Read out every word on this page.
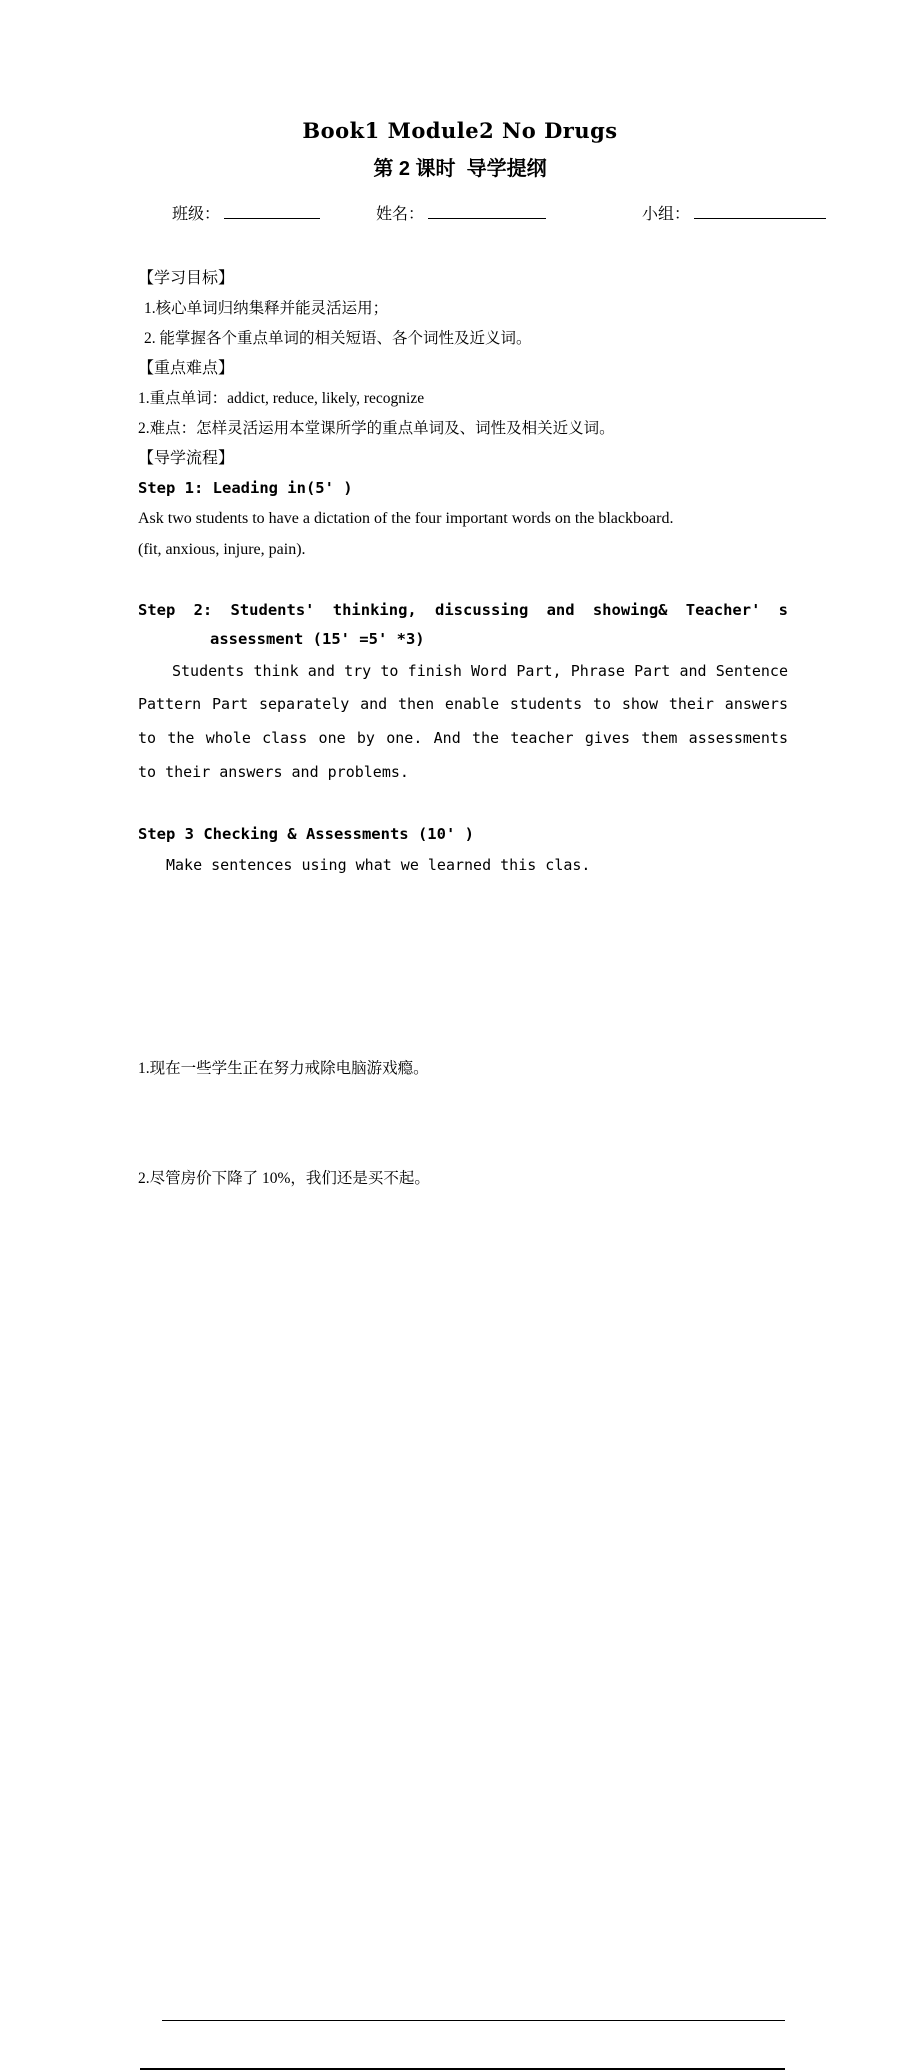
Book1 Module2 No Drugs
第 2 课时  导学提纲
班级：	姓名：	小组：

【学习目标】

1.核心单词归纳集释并能灵活运用；

2. 能掌握各个重点单词的相关短语、各个词性及近义词。

【重点难点】

1.重点单词：addict, reduce, likely, recognize

2.难点：怎样灵活运用本堂课所学的重点单词及、词性及相关近义词。

【导学流程】

Step 1: Leading in(5' )

Ask two students to have a dictation of the four important words on the blackboard.

(fit, anxious, injure, pain).

Step 2: Students' thinking, discussing and showing& Teacher' s

assessment (15' =5' *3)

Students think and try to finish Word Part, Phrase Part and Sentence Pattern Part separately and then enable students to show their answers to the whole class one by one. And the teacher gives them assessments to their answers and problems.

Step 3 Checking & Assessments (10' )

Make sentences using what we learned this clas.

1.现在一些学生正在努力戒除电脑游戏瘾。

2.尽管房价下降了 10%，我们还是买不起。
